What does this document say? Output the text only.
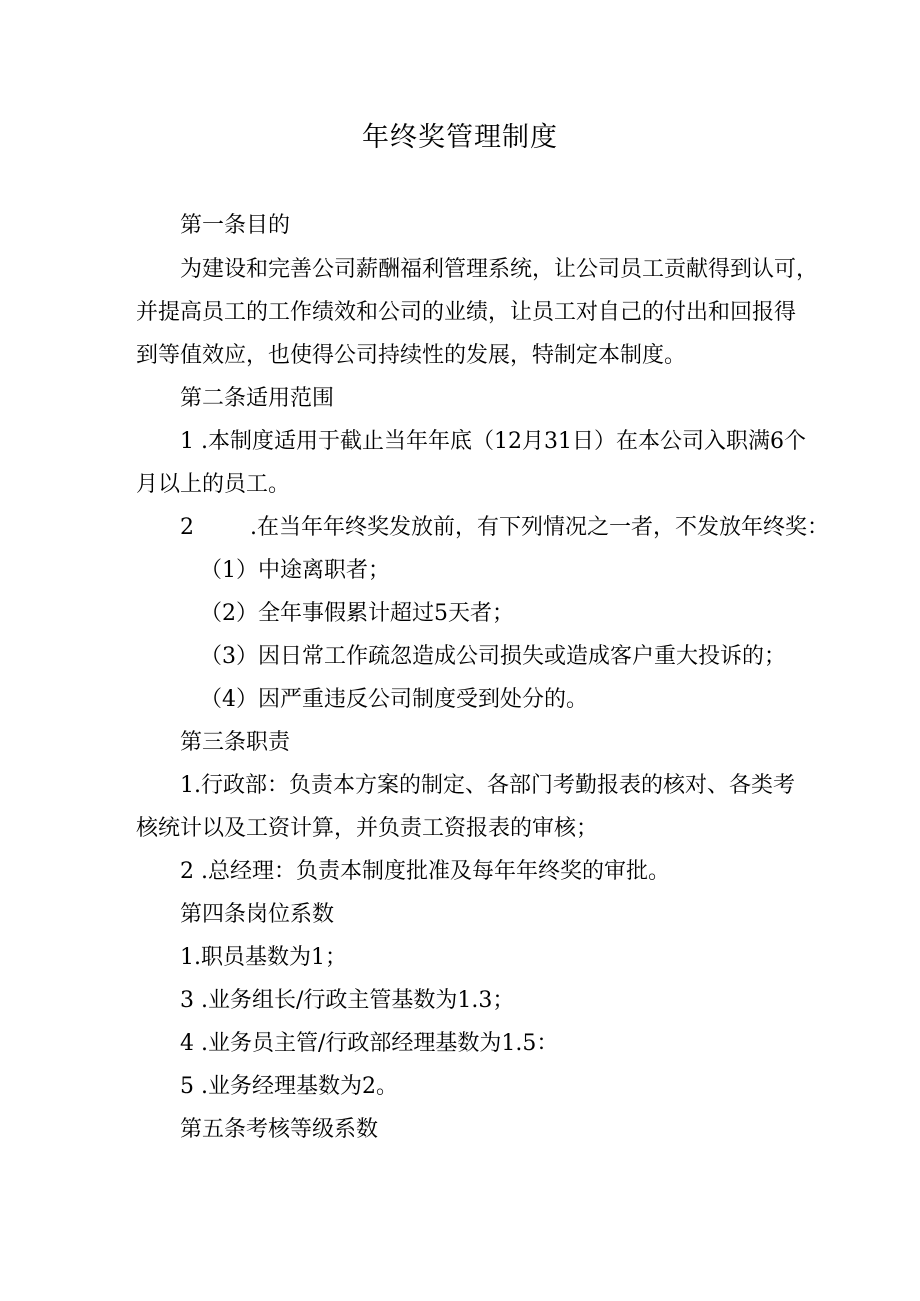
年终奖管理制度
第一条目的
为建设和完善公司薪酬福利管理系统，让公司员工贡献得到认可，
并提高员工的工作绩效和公司的业绩，让员工对自己的付出和回报得
到等值效应，也使得公司持续性的发展，特制定本制度。
第二条适用范围
1 .本制度适用于截止当年年底（12月31日）在本公司入职满6个
月以上的员工。
2	.在当年年终奖发放前，有下列情况之一者，不发放年终奖：
（1）中途离职者；
（2）全年事假累计超过5天者；
（3）因日常工作疏忽造成公司损失或造成客户重大投诉的；
（4）因严重违反公司制度受到处分的。
第三条职责
1.行政部：负责本方案的制定、各部门考勤报表的核对、各类考
核统计以及工资计算，并负责工资报表的审核；
2 .总经理：负责本制度批准及每年年终奖的审批。
第四条岗位系数
1.职员基数为1；
3 .业务组长/行政主管基数为1.3；
4 .业务员主管/行政部经理基数为1.5：
5 .业务经理基数为2。
第五条考核等级系数
